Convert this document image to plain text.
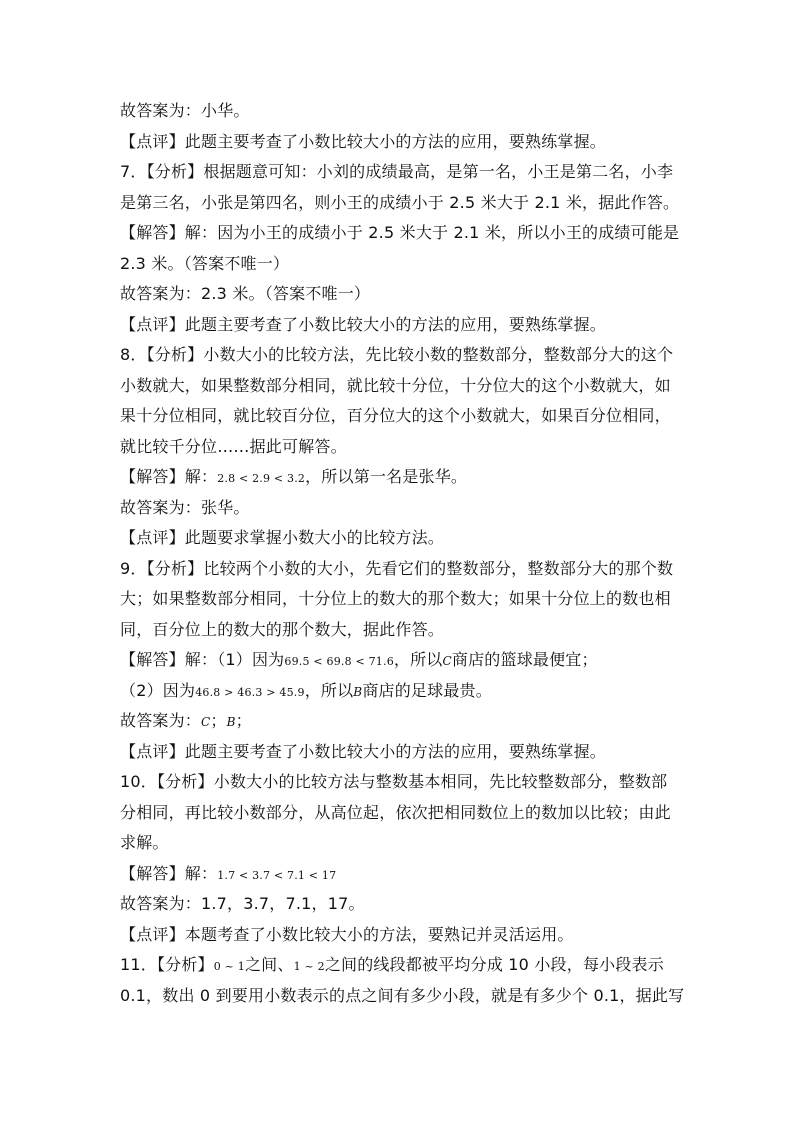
故答案为：小华。
【点评】此题主要考查了小数比较大小的方法的应用，要熟练掌握。
7．【分析】根据题意可知：小刘的成绩最高，是第一名，小王是第二名，小李
是第三名，小张是第四名，则小王的成绩小于 2.5 米大于 2.1 米，据此作答。
【解答】解：因为小王的成绩小于 2.5 米大于 2.1 米，所以小王的成绩可能是
2.3 米。（答案不唯一）
故答案为：2.3 米。（答案不唯一）
【点评】此题主要考查了小数比较大小的方法的应用，要熟练掌握。
8．【分析】小数大小的比较方法，先比较小数的整数部分，整数部分大的这个
小数就大，如果整数部分相同，就比较十分位，十分位大的这个小数就大，如
果十分位相同，就比较百分位，百分位大的这个小数就大，如果百分位相同，
就比较千分位……据此可解答。
【解答】解：2.8 < 2.9 < 3.2，所以第一名是张华。
故答案为：张华。
【点评】此题要求掌握小数大小的比较方法。
9．【分析】比较两个小数的大小，先看它们的整数部分，整数部分大的那个数
大；如果整数部分相同，十分位上的数大的那个数大；如果十分位上的数也相
同，百分位上的数大的那个数大，据此作答。
【解答】解：（1）因为69.5 < 69.8 < 71.6，所以C商店的篮球最便宜；
（2）因为46.8 > 46.3 > 45.9，所以B商店的足球最贵。
故答案为：C；B；
【点评】此题主要考查了小数比较大小的方法的应用，要熟练掌握。
10．【分析】小数大小的比较方法与整数基本相同，先比较整数部分，整数部
分相同，再比较小数部分，从高位起，依次把相同数位上的数加以比较；由此
求解。
【解答】解：1.7 < 3.7 < 7.1 < 17
故答案为：1.7，3.7，7.1，17。
【点评】本题考查了小数比较大小的方法，要熟记并灵活运用。
11．【分析】0 ~ 1之间、1 ~ 2之间的线段都被平均分成 10 小段，每小段表示
0.1，数出 0 到要用小数表示的点之间有多少小段，就是有多少个 0.1，据此写
